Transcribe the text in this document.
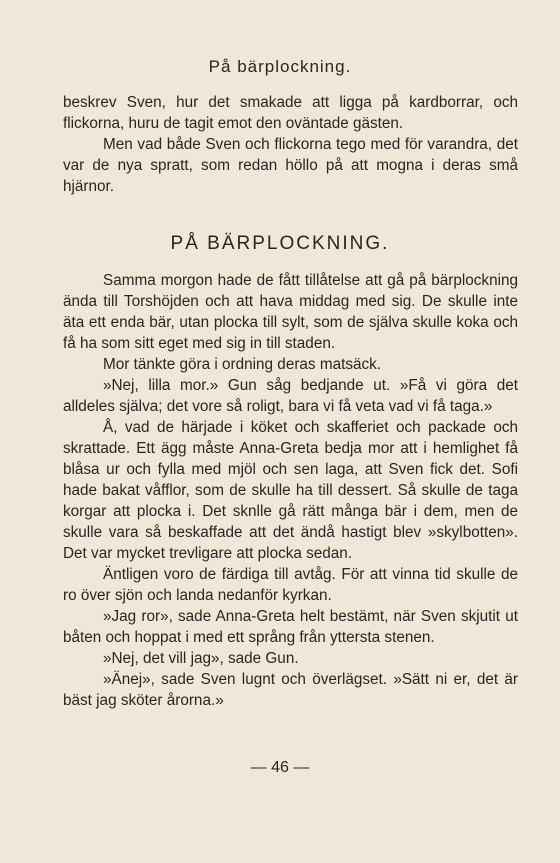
På bärplockning.

beskrev Sven, hur det smakade att ligga på kardborrar, och flickorna, huru de tagit emot den oväntade gästen.

Men vad både Sven och flickorna tego med för varandra, det var de nya spratt, som redan höllo på att mogna i deras små hjärnor.

PÅ BÄRPLOCKNING.

Samma morgon hade de fått tillåtelse att gå på bärplockning ända till Torshöjden och att hava middag med sig. De skulle inte äta ett enda bär, utan plocka till sylt, som de själva skulle koka och få ha som sitt eget med sig in till staden.

Mor tänkte göra i ordning deras matsäck.

»Nej, lilla mor.» Gun såg bedjande ut. »Få vi göra det alldeles själva; det vore så roligt, bara vi få veta vad vi få taga.»

Å, vad de härjade i köket och skafferiet och packade och skrattade. Ett ägg måste Anna-Greta bedja mor att i hemlighet få blåsa ur och fylla med mjöl och sen laga, att Sven fick det. Sofi hade bakat våfflor, som de skulle ha till dessert. Så skulle de taga korgar att plocka i. Det sknlle gå rätt många bär i dem, men de skulle vara så beskaffade att det ändå hastigt blev »skylbotten». Det var mycket trevligare att plocka sedan.

Äntligen voro de färdiga till avtåg. För att vinna tid skulle de ro över sjön och landa nedanför kyrkan.

»Jag ror», sade Anna-Greta helt bestämt, när Sven skjutit ut båten och hoppat i med ett språng från yttersta stenen.

»Nej, det vill jag», sade Gun.

»Änej», sade Sven lugnt och överlägset. »Sätt ni er, det är bäst jag sköter årorna.»

— 46 —
